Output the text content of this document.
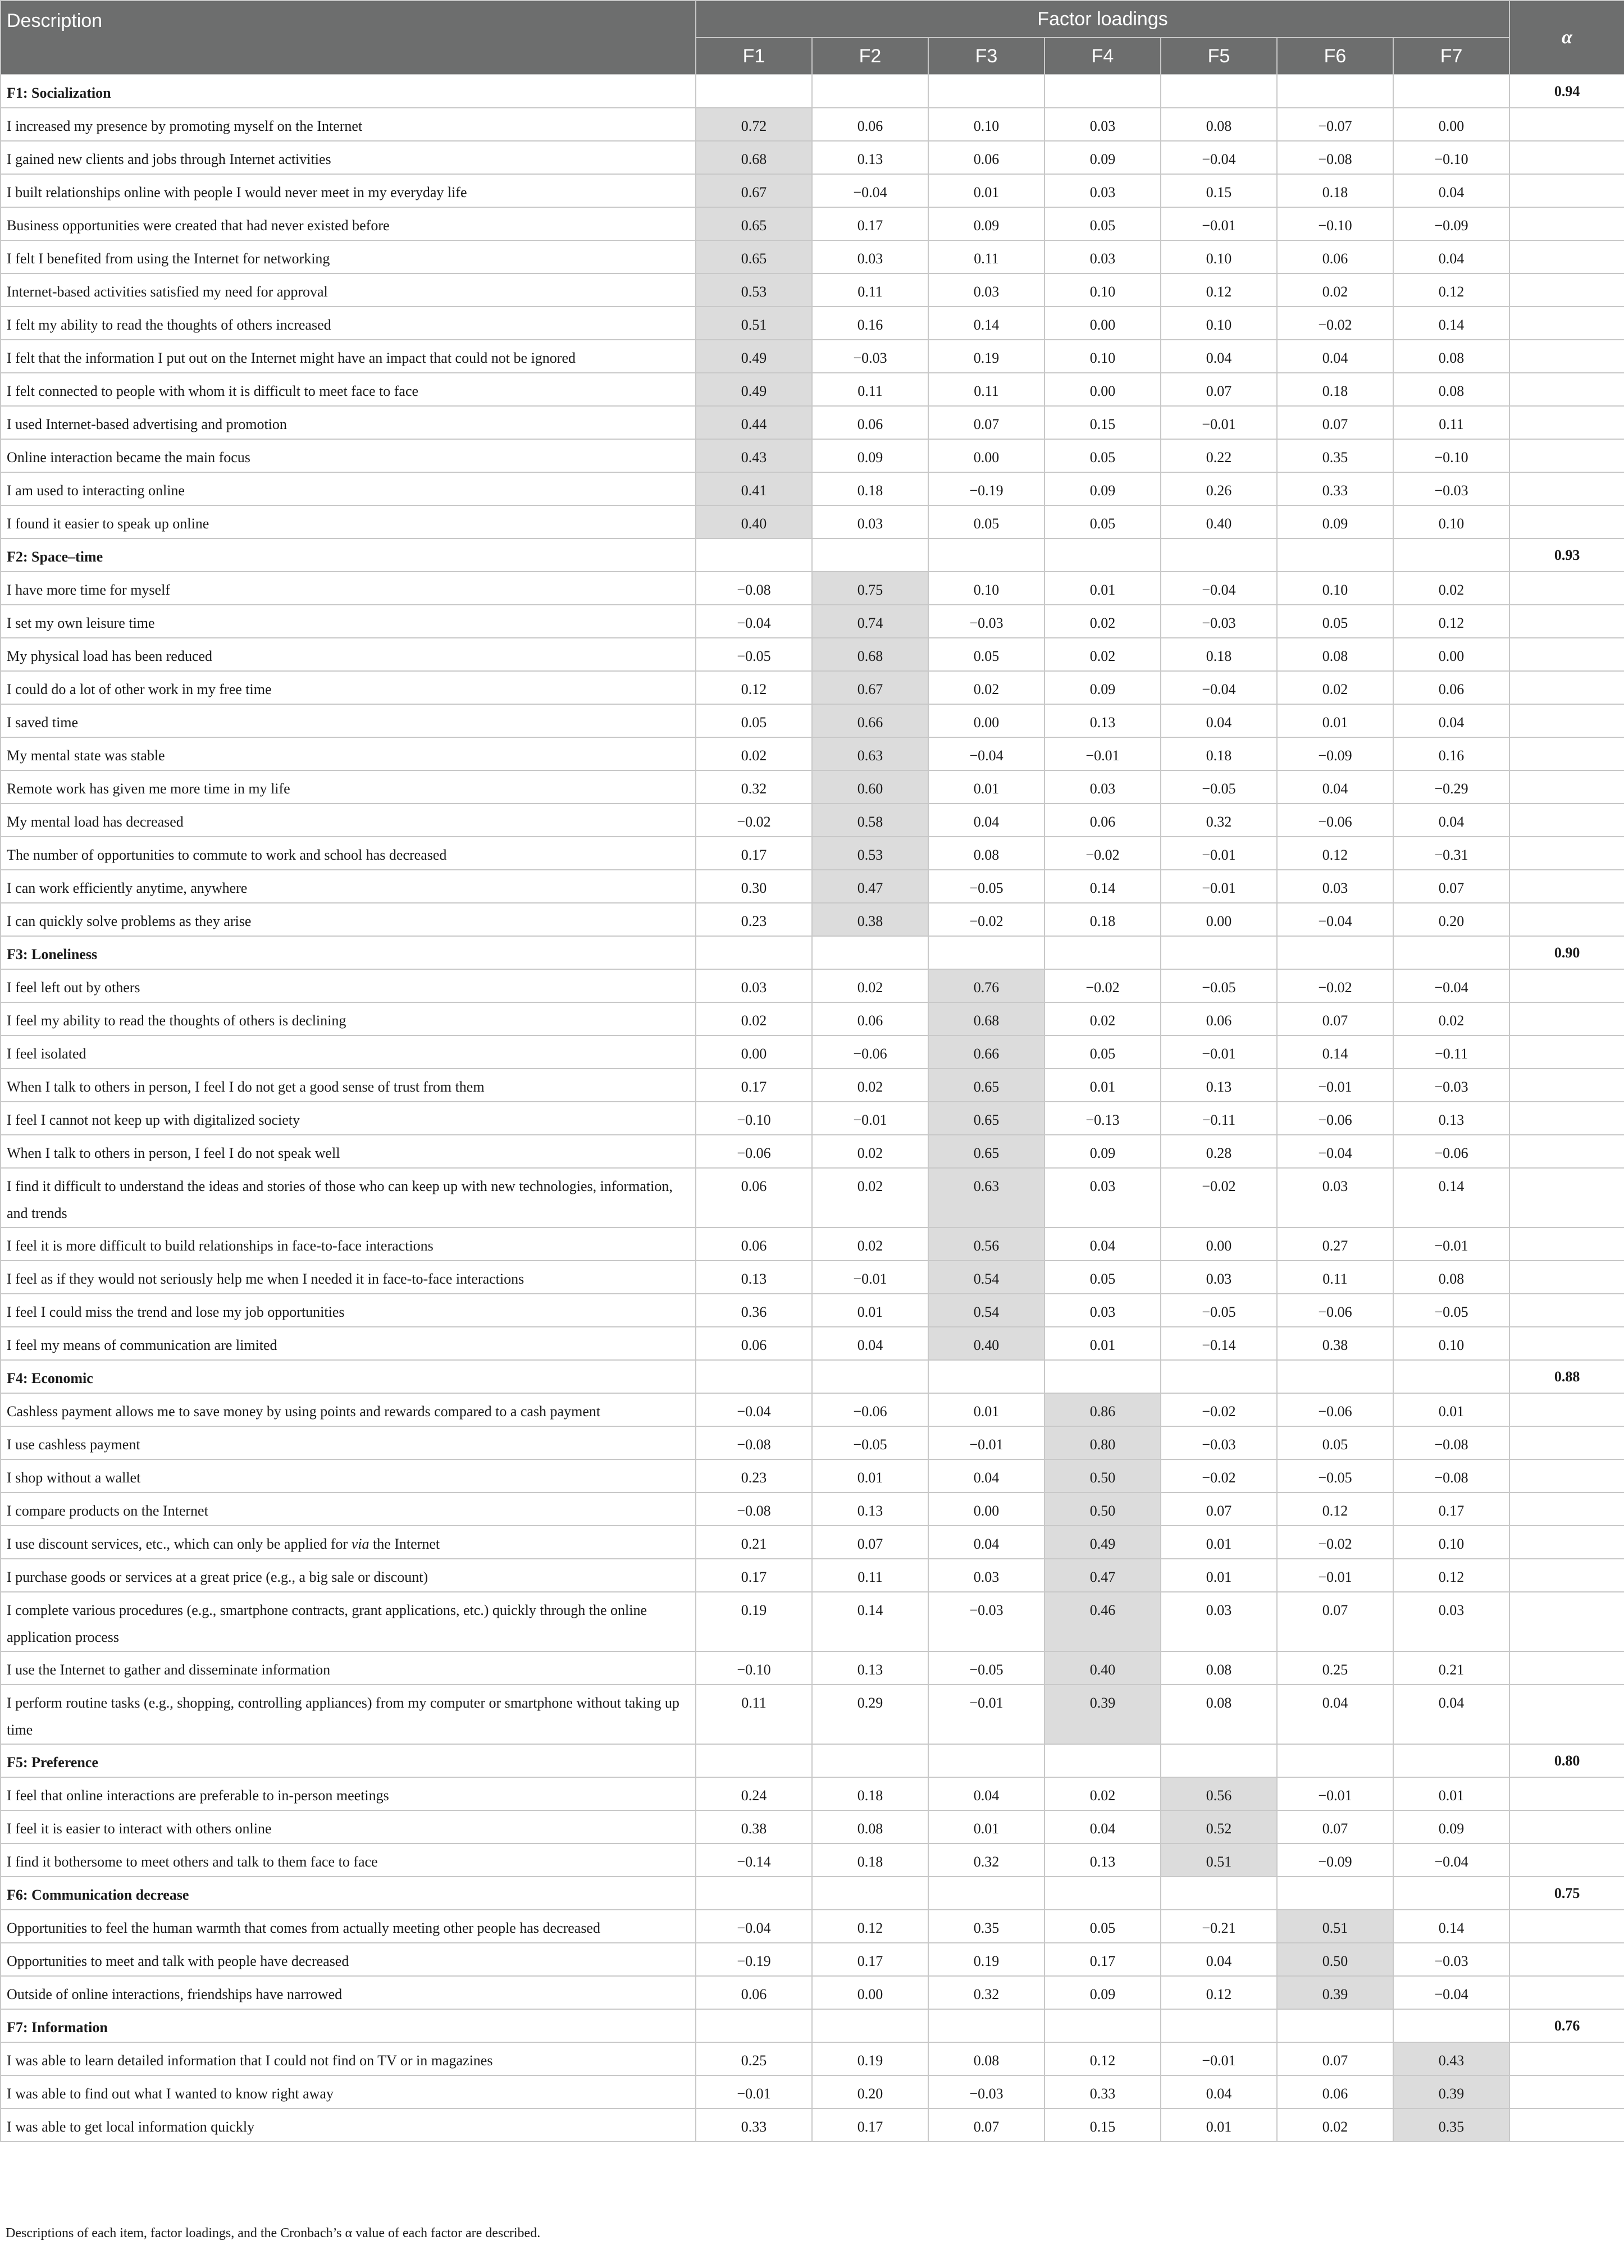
Description	Factor loadings							α
	F1	F2	F3	F4	F5	F6	F7	
F1: Socialization								0.94
I increased my presence by promoting myself on the Internet	0.72	0.06	0.10	0.03	0.08	−0.07	0.00	
I gained new clients and jobs through Internet activities	0.68	0.13	0.06	0.09	−0.04	−0.08	−0.10	
I built relationships online with people I would never meet in my everyday life	0.67	−0.04	0.01	0.03	0.15	0.18	0.04	
Business opportunities were created that had never existed before	0.65	0.17	0.09	0.05	−0.01	−0.10	−0.09	
I felt I benefited from using the Internet for networking	0.65	0.03	0.11	0.03	0.10	0.06	0.04	
Internet-based activities satisfied my need for approval	0.53	0.11	0.03	0.10	0.12	0.02	0.12	
I felt my ability to read the thoughts of others increased	0.51	0.16	0.14	0.00	0.10	−0.02	0.14	
I felt that the information I put out on the Internet might have an impact that could not be ignored	0.49	−0.03	0.19	0.10	0.04	0.04	0.08	
I felt connected to people with whom it is difficult to meet face to face	0.49	0.11	0.11	0.00	0.07	0.18	0.08	
I used Internet-based advertising and promotion	0.44	0.06	0.07	0.15	−0.01	0.07	0.11	
Online interaction became the main focus	0.43	0.09	0.00	0.05	0.22	0.35	−0.10	
I am used to interacting online	0.41	0.18	−0.19	0.09	0.26	0.33	−0.03	
I found it easier to speak up online	0.40	0.03	0.05	0.05	0.40	0.09	0.10	
F2: Space–time								0.93
I have more time for myself	−0.08	0.75	0.10	0.01	−0.04	0.10	0.02	
I set my own leisure time	−0.04	0.74	−0.03	0.02	−0.03	0.05	0.12	
My physical load has been reduced	−0.05	0.68	0.05	0.02	0.18	0.08	0.00	
I could do a lot of other work in my free time	0.12	0.67	0.02	0.09	−0.04	0.02	0.06	
I saved time	0.05	0.66	0.00	0.13	0.04	0.01	0.04	
My mental state was stable	0.02	0.63	−0.04	−0.01	0.18	−0.09	0.16	
Remote work has given me more time in my life	0.32	0.60	0.01	0.03	−0.05	0.04	−0.29	
My mental load has decreased	−0.02	0.58	0.04	0.06	0.32	−0.06	0.04	
The number of opportunities to commute to work and school has decreased	0.17	0.53	0.08	−0.02	−0.01	0.12	−0.31	
I can work efficiently anytime, anywhere	0.30	0.47	−0.05	0.14	−0.01	0.03	0.07	
I can quickly solve problems as they arise	0.23	0.38	−0.02	0.18	0.00	−0.04	0.20	
F3: Loneliness								0.90
I feel left out by others	0.03	0.02	0.76	−0.02	−0.05	−0.02	−0.04	
I feel my ability to read the thoughts of others is declining	0.02	0.06	0.68	0.02	0.06	0.07	0.02	
I feel isolated	0.00	−0.06	0.66	0.05	−0.01	0.14	−0.11	
When I talk to others in person, I feel I do not get a good sense of trust from them	0.17	0.02	0.65	0.01	0.13	−0.01	−0.03	
I feel I cannot not keep up with digitalized society	−0.10	−0.01	0.65	−0.13	−0.11	−0.06	0.13	
When I talk to others in person, I feel I do not speak well	−0.06	0.02	0.65	0.09	0.28	−0.04	−0.06	
I find it difficult to understand the ideas and stories of those who can keep up with new technologies, information, and trends	0.06	0.02	0.63	0.03	−0.02	0.03	0.14	
I feel it is more difficult to build relationships in face-to-face interactions	0.06	0.02	0.56	0.04	0.00	0.27	−0.01	
I feel as if they would not seriously help me when I needed it in face-to-face interactions	0.13	−0.01	0.54	0.05	0.03	0.11	0.08	
I feel I could miss the trend and lose my job opportunities	0.36	0.01	0.54	0.03	−0.05	−0.06	−0.05	
I feel my means of communication are limited	0.06	0.04	0.40	0.01	−0.14	0.38	0.10	
F4: Economic								0.88
Cashless payment allows me to save money by using points and rewards compared to a cash payment	−0.04	−0.06	0.01	0.86	−0.02	−0.06	0.01	
I use cashless payment	−0.08	−0.05	−0.01	0.80	−0.03	0.05	−0.08	
I shop without a wallet	0.23	0.01	0.04	0.50	−0.02	−0.05	−0.08	
I compare products on the Internet	−0.08	0.13	0.00	0.50	0.07	0.12	0.17	
I use discount services, etc., which can only be applied for via the Internet	0.21	0.07	0.04	0.49	0.01	−0.02	0.10	
I purchase goods or services at a great price (e.g., a big sale or discount)	0.17	0.11	0.03	0.47	0.01	−0.01	0.12	
I complete various procedures (e.g., smartphone contracts, grant applications, etc.) quickly through the online application process	0.19	0.14	−0.03	0.46	0.03	0.07	0.03	
I use the Internet to gather and disseminate information	−0.10	0.13	−0.05	0.40	0.08	0.25	0.21	
I perform routine tasks (e.g., shopping, controlling appliances) from my computer or smartphone without taking up time	0.11	0.29	−0.01	0.39	0.08	0.04	0.04	
F5: Preference								0.80
I feel that online interactions are preferable to in-person meetings	0.24	0.18	0.04	0.02	0.56	−0.01	0.01	
I feel it is easier to interact with others online	0.38	0.08	0.01	0.04	0.52	0.07	0.09	
I find it bothersome to meet others and talk to them face to face	−0.14	0.18	0.32	0.13	0.51	−0.09	−0.04	
F6: Communication decrease								0.75
Opportunities to feel the human warmth that comes from actually meeting other people has decreased	−0.04	0.12	0.35	0.05	−0.21	0.51	0.14	
Opportunities to meet and talk with people have decreased	−0.19	0.17	0.19	0.17	0.04	0.50	−0.03	
Outside of online interactions, friendships have narrowed	0.06	0.00	0.32	0.09	0.12	0.39	−0.04	
F7: Information								0.76
I was able to learn detailed information that I could not find on TV or in magazines	0.25	0.19	0.08	0.12	−0.01	0.07	0.43	
I was able to find out what I wanted to know right away	−0.01	0.20	−0.03	0.33	0.04	0.06	0.39	
I was able to get local information quickly	0.33	0.17	0.07	0.15	0.01	0.02	0.35	
Descriptions of each item, factor loadings, and the Cronbach’s α value of each factor are described.
